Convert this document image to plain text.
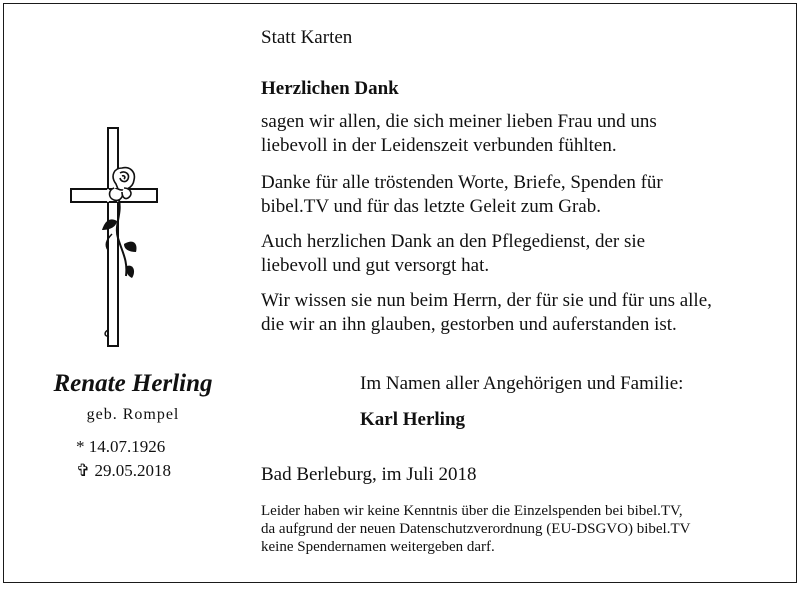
Renate Herling
geb. Rompel
* 14.07.1926
✞ 29.05.2018
Statt Karten
Herzlichen Dank
sagen wir allen, die sich meiner lieben Frau und uns
liebevoll in der Leidenszeit verbunden fühlten.
Danke für alle tröstenden Worte, Briefe, Spenden für
bibel.TV und für das letzte Geleit zum Grab.
Auch herzlichen Dank an den Pflegedienst, der sie
liebevoll und gut versorgt hat.
Wir wissen sie nun beim Herrn, der für sie und für uns alle,
die wir an ihn glauben, gestorben und auferstanden ist.
Im Namen aller Angehörigen und Familie:
Karl Herling
Bad Berleburg, im Juli 2018
Leider haben wir keine Kenntnis über die Einzelspenden bei bibel.TV,
da aufgrund der neuen Datenschutzverordnung (EU-DSGVO) bibel.TV
keine Spendernamen weitergeben darf.
